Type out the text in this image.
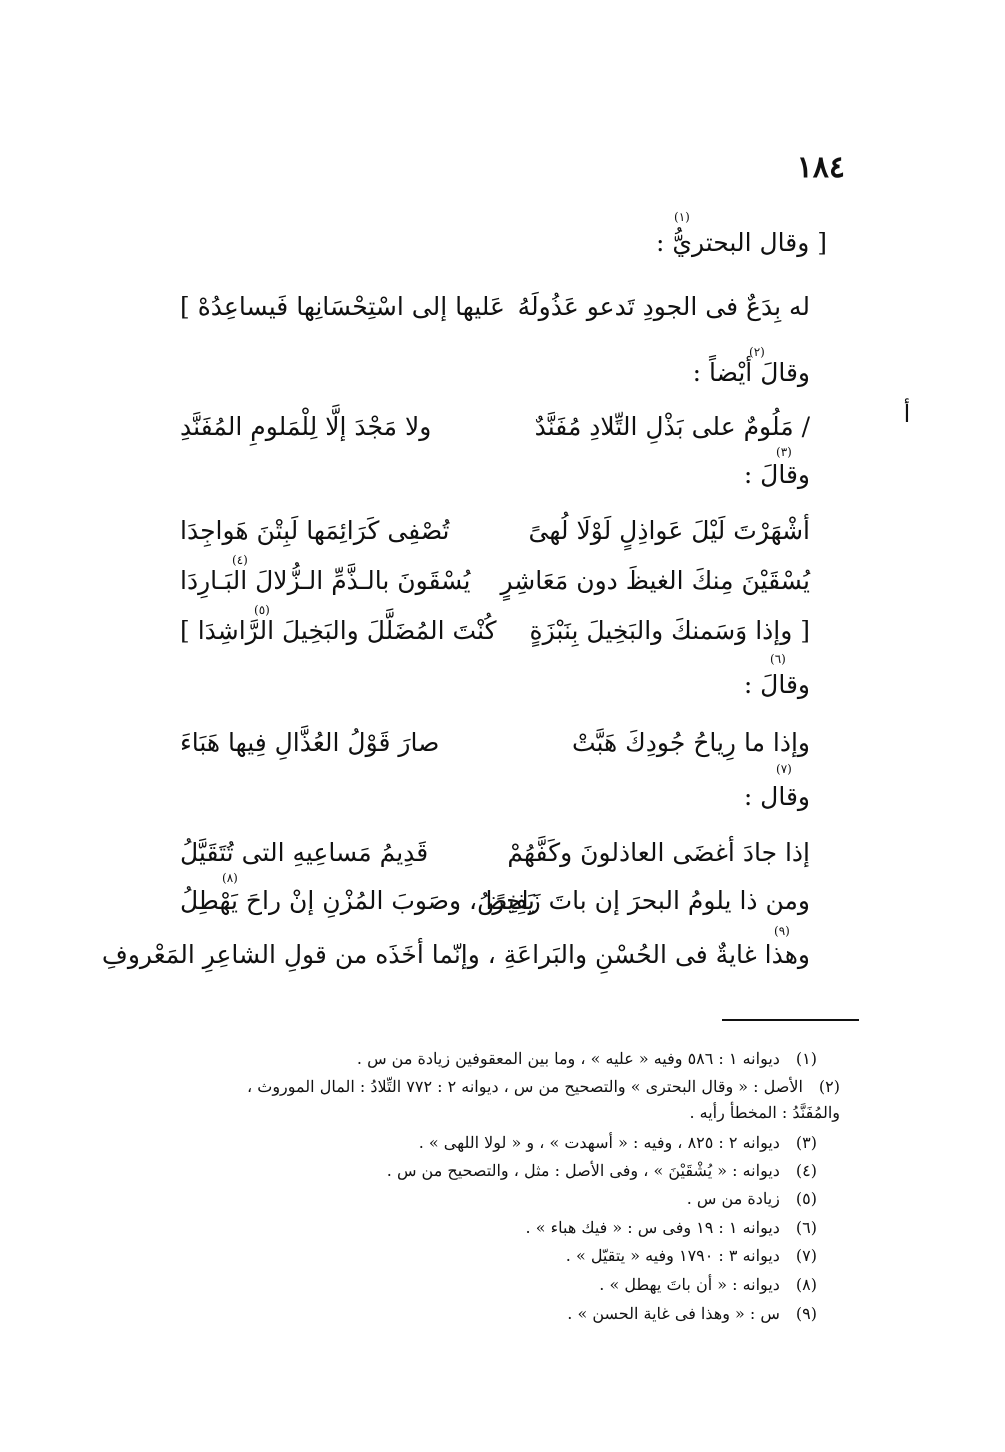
١٨٤
أ
(١)
[ وقال البحتريُّ :
له بِدَعٌ فى الجودِ تَدعو عَذُولَهُ
عَليها إلى اسْتِحْسَانِها فَيساعِدُهْ ]
(٢)
وقالَ أيْضاً :
/ مَلُومٌ على بَذْلِ التِّلادِ مُفَنَّدٌ
ولا مَجْدَ إلَّا لِلْمَلومِ المُفَنَّدِ
(٣)
وقالَ :
أشْهَرْتَ لَيْلَ عَواذِلٍ لَوْلَا لُهىً
تُصْفِى كَرَائِمَها لَبِتْنَ هَواجِدَا
(٤)
يُسْقَيْنَ مِنكَ الغيظَ دون مَعَاشِرٍ
يُسْقَونَ بالـذَّمِّ الـزُّلالَ البَـارِدَا
(٥)
[ وإذا وَسَمنكَ والبَخِيلَ بِنَبْزَةٍ
كُنْتَ المُضَلَّلَ والبَخِيلَ الرَّاشِدَا ]
(٦)
وقالَ :
وإذا ما رِياحُ جُودِكَ هَبَّتْ
صارَ قَوْلُ العُذَّالِ فِيها هَبَاءَ
(٧)
وقال :
إذا جادَ أغضَى العاذلونَ وكَفَّهُمْ
قَدِيمُ مَساعِيهِ التى تُتَقَيَّلُ
(٨)
ومن ذا يلومُ البحرَ إن باتَ زَاخِرًا
يَفِيضُ، وصَوبَ المُزْنِ إنْ راحَ يَهْطِلُ
(٩)
وهذا غايةٌ فى الحُسْنِ والبَراعَةِ ، وإنّما أخَذَه من قولِ الشاعِرِ المَعْروفِ
(١) ديوانه ١ : ٥٨٦ وفيه « عليه » ، وما بين المعقوفين زيادة من س .
(٢) الأصل : « وقال البحترى » والتصحيح من س ، ديوانه ٢ : ٧٧٢ التِّلادُ : المال الموروث ،
والمُفَنَّدُ : المخطأ رأيه .
(٣) ديوانه ٢ : ٨٢٥ ، وفيه : « أسهدت » ، و « لولا اللهى » .
(٤) ديوانه : « يُشْقَيْنَ » ، وفى الأصل : مثل ، والتصحيح من س .
(٥) زيادة من س .
(٦) ديوانه ١ : ١٩ وفى س : « فيك هباء » .
(٧) ديوانه ٣ : ١٧٩٠ وفيه « يتقيّل » .
(٨) ديوانه : « أن باتَ يهطل » .
(٩) س : « وهذا فى غاية الحسن » .
